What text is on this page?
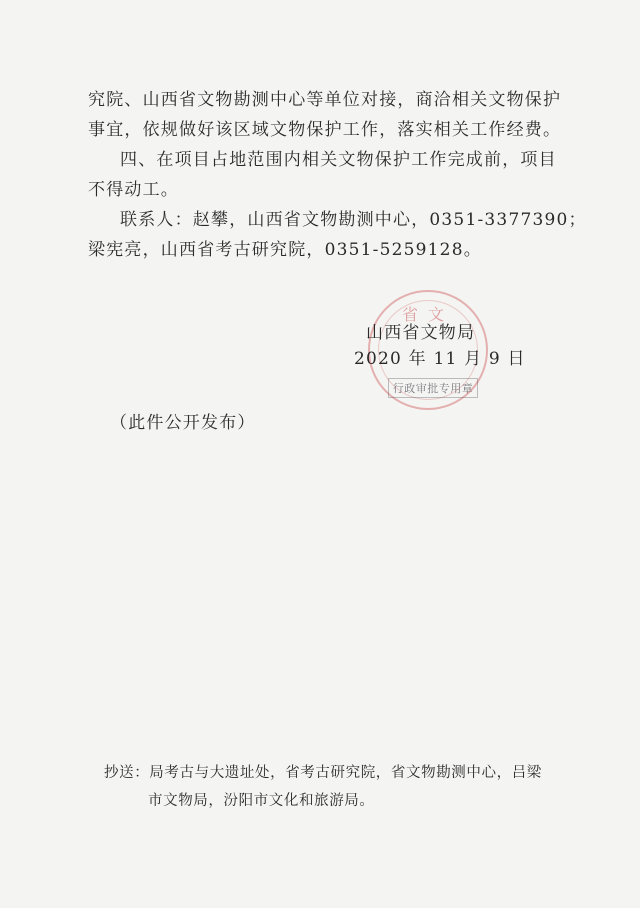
究院、山西省文物勘测中心等单位对接，商洽相关文物保护
事宜，依规做好该区域文物保护工作，落实相关工作经费。
四、在项目占地范围内相关文物保护工作完成前，项目
不得动工。
联系人：赵攀，山西省文物勘测中心，0351-3377390；
梁宪亮，山西省考古研究院，0351-5259128。
省文
行政审批专用章
山西省文物局
2020 年 11 月 9 日
（此件公开发布）
抄送：局考古与大遗址处，省考古研究院，省文物勘测中心，吕梁
市文物局，汾阳市文化和旅游局。
